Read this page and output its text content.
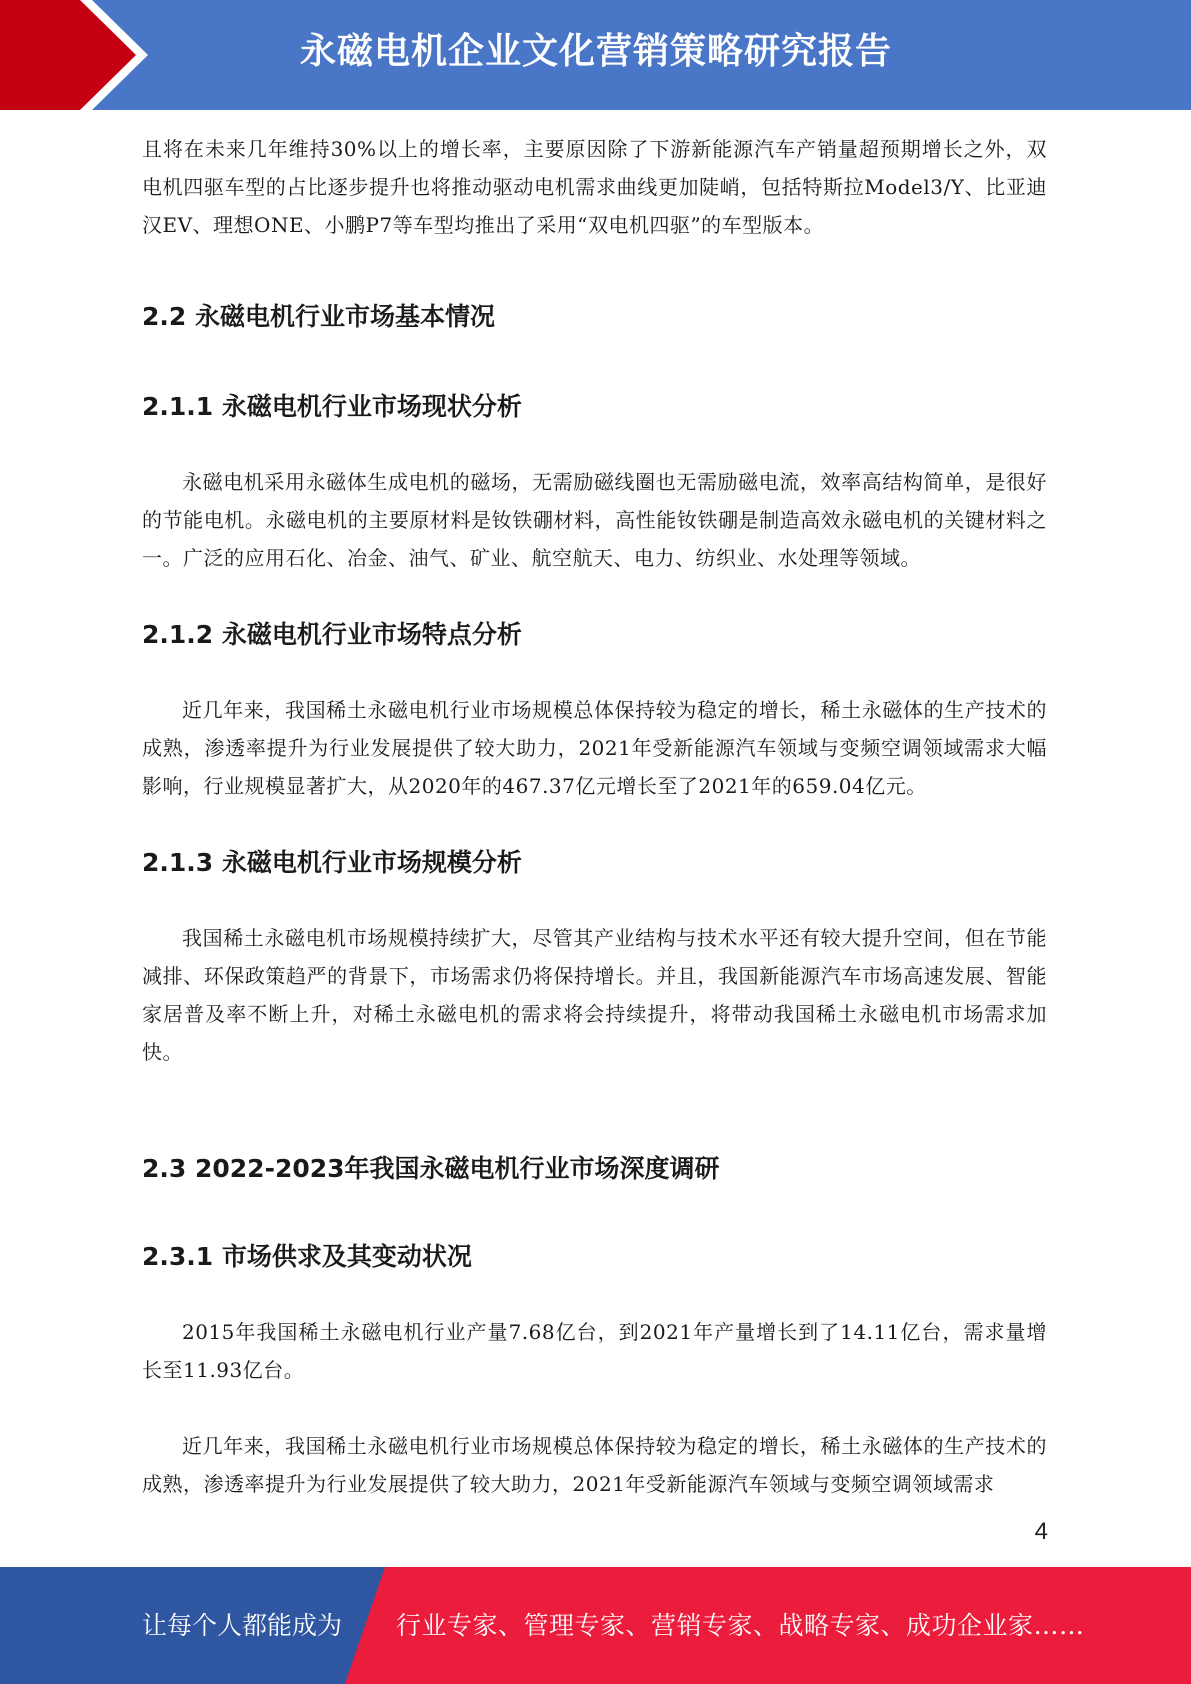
永磁电机企业文化营销策略研究报告

且将在未来几年维持30%以上的增长率，主要原因除了下游新能源汽车产销量超预期增长之外，双电机四驱车型的占比逐步提升也将推动驱动电机需求曲线更加陡峭，包括特斯拉Model3/Y、比亚迪汉EV、理想ONE、小鹏P7等车型均推出了采用“双电机四驱”的车型版本。

2.2 永磁电机行业市场基本情况
2.1.1 永磁电机行业市场现状分析

永磁电机采用永磁体生成电机的磁场，无需励磁线圈也无需励磁电流，效率高结构简单，是很好的节能电机。永磁电机的主要原材料是钕铁硼材料，高性能钕铁硼是制造高效永磁电机的关键材料之一。广泛的应用石化、冶金、油气、矿业、航空航天、电力、纺织业、水处理等领域。

2.1.2 永磁电机行业市场特点分析

近几年来，我国稀土永磁电机行业市场规模总体保持较为稳定的增长，稀土永磁体的生产技术的成熟，渗透率提升为行业发展提供了较大助力，2021年受新能源汽车领域与变频空调领域需求大幅影响，行业规模显著扩大，从2020年的467.37亿元增长至了2021年的659.04亿元。

2.1.3 永磁电机行业市场规模分析

我国稀土永磁电机市场规模持续扩大，尽管其产业结构与技术水平还有较大提升空间，但在节能减排、环保政策趋严的背景下，市场需求仍将保持增长。并且，我国新能源汽车市场高速发展、智能家居普及率不断上升，对稀土永磁电机的需求将会持续提升，将带动我国稀土永磁电机市场需求加快。

2.3 2022-2023年我国永磁电机行业市场深度调研
2.3.1 市场供求及其变动状况

2015年我国稀土永磁电机行业产量7.68亿台，到2021年产量增长到了14.11亿台，需求量增长至11.93亿台。

近几年来，我国稀土永磁电机行业市场规模总体保持较为稳定的增长，稀土永磁体的生产技术的成熟，渗透率提升为行业发展提供了较大助力，2021年受新能源汽车领域与变频空调领域需求

4
让每个人都能成为 行业专家、管理专家、营销专家、战略专家、成功企业家……
